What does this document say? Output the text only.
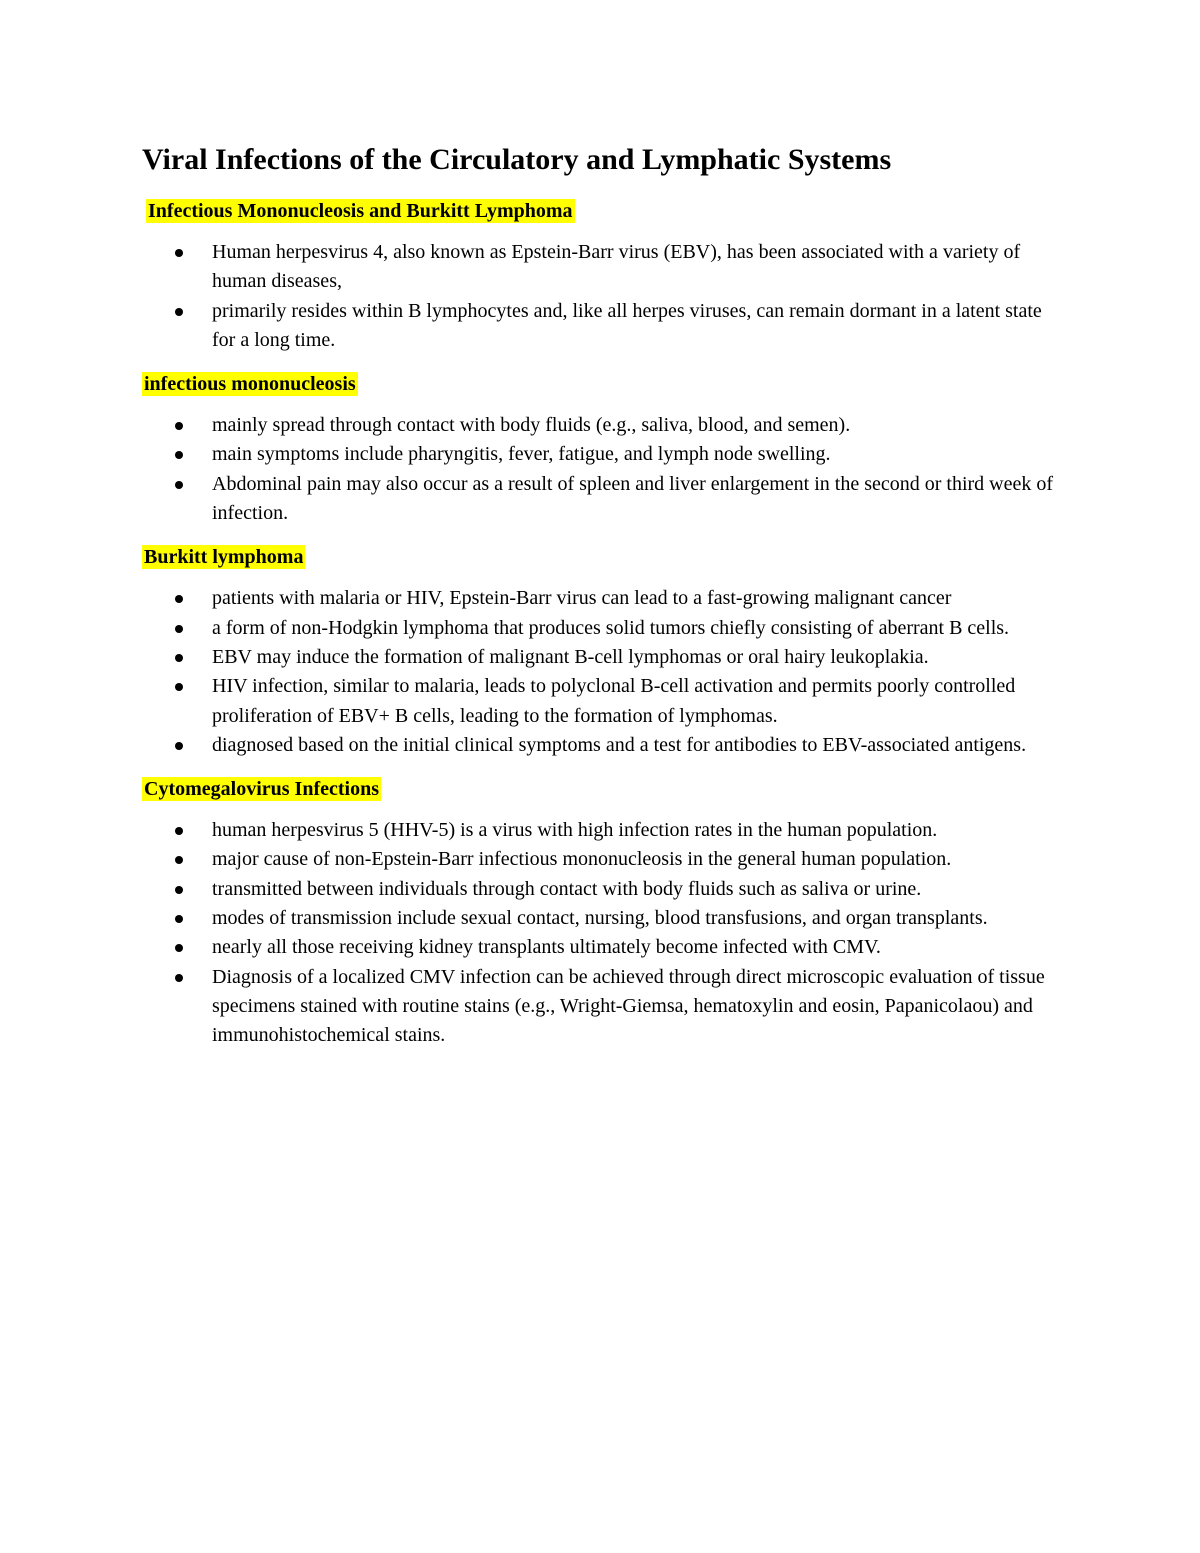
Viral Infections of the Circulatory and Lymphatic Systems
Infectious Mononucleosis and Burkitt Lymphoma
Human herpesvirus 4, also known as Epstein-Barr virus (EBV), has been associated with a variety of human diseases,
primarily resides within B lymphocytes and, like all herpes viruses, can remain dormant in a latent state for a long time.
infectious mononucleosis
mainly spread through contact with body fluids (e.g., saliva, blood, and semen).
main symptoms include pharyngitis, fever, fatigue, and lymph node swelling.
Abdominal pain may also occur as a result of spleen and liver enlargement in the second or third week of infection.
Burkitt lymphoma
patients with malaria or HIV, Epstein-Barr virus can lead to a fast-growing malignant cancer
a form of non-Hodgkin lymphoma that produces solid tumors chiefly consisting of aberrant B cells.
EBV may induce the formation of malignant B-cell lymphomas or oral hairy leukoplakia.
HIV infection, similar to malaria, leads to polyclonal B-cell activation and permits poorly controlled proliferation of EBV+ B cells, leading to the formation of lymphomas.
diagnosed based on the initial clinical symptoms and a test for antibodies to EBV-associated antigens.
Cytomegalovirus Infections
human herpesvirus 5 (HHV-5) is a virus with high infection rates in the human population.
major cause of non-Epstein-Barr infectious mononucleosis in the general human population.
transmitted between individuals through contact with body fluids such as saliva or urine.
modes of transmission include sexual contact, nursing, blood transfusions, and organ transplants.
nearly all those receiving kidney transplants ultimately become infected with CMV.
Diagnosis of a localized CMV infection can be achieved through direct microscopic evaluation of tissue specimens stained with routine stains (e.g., Wright-Giemsa, hematoxylin and eosin, Papanicolaou) and immunohistochemical stains.
